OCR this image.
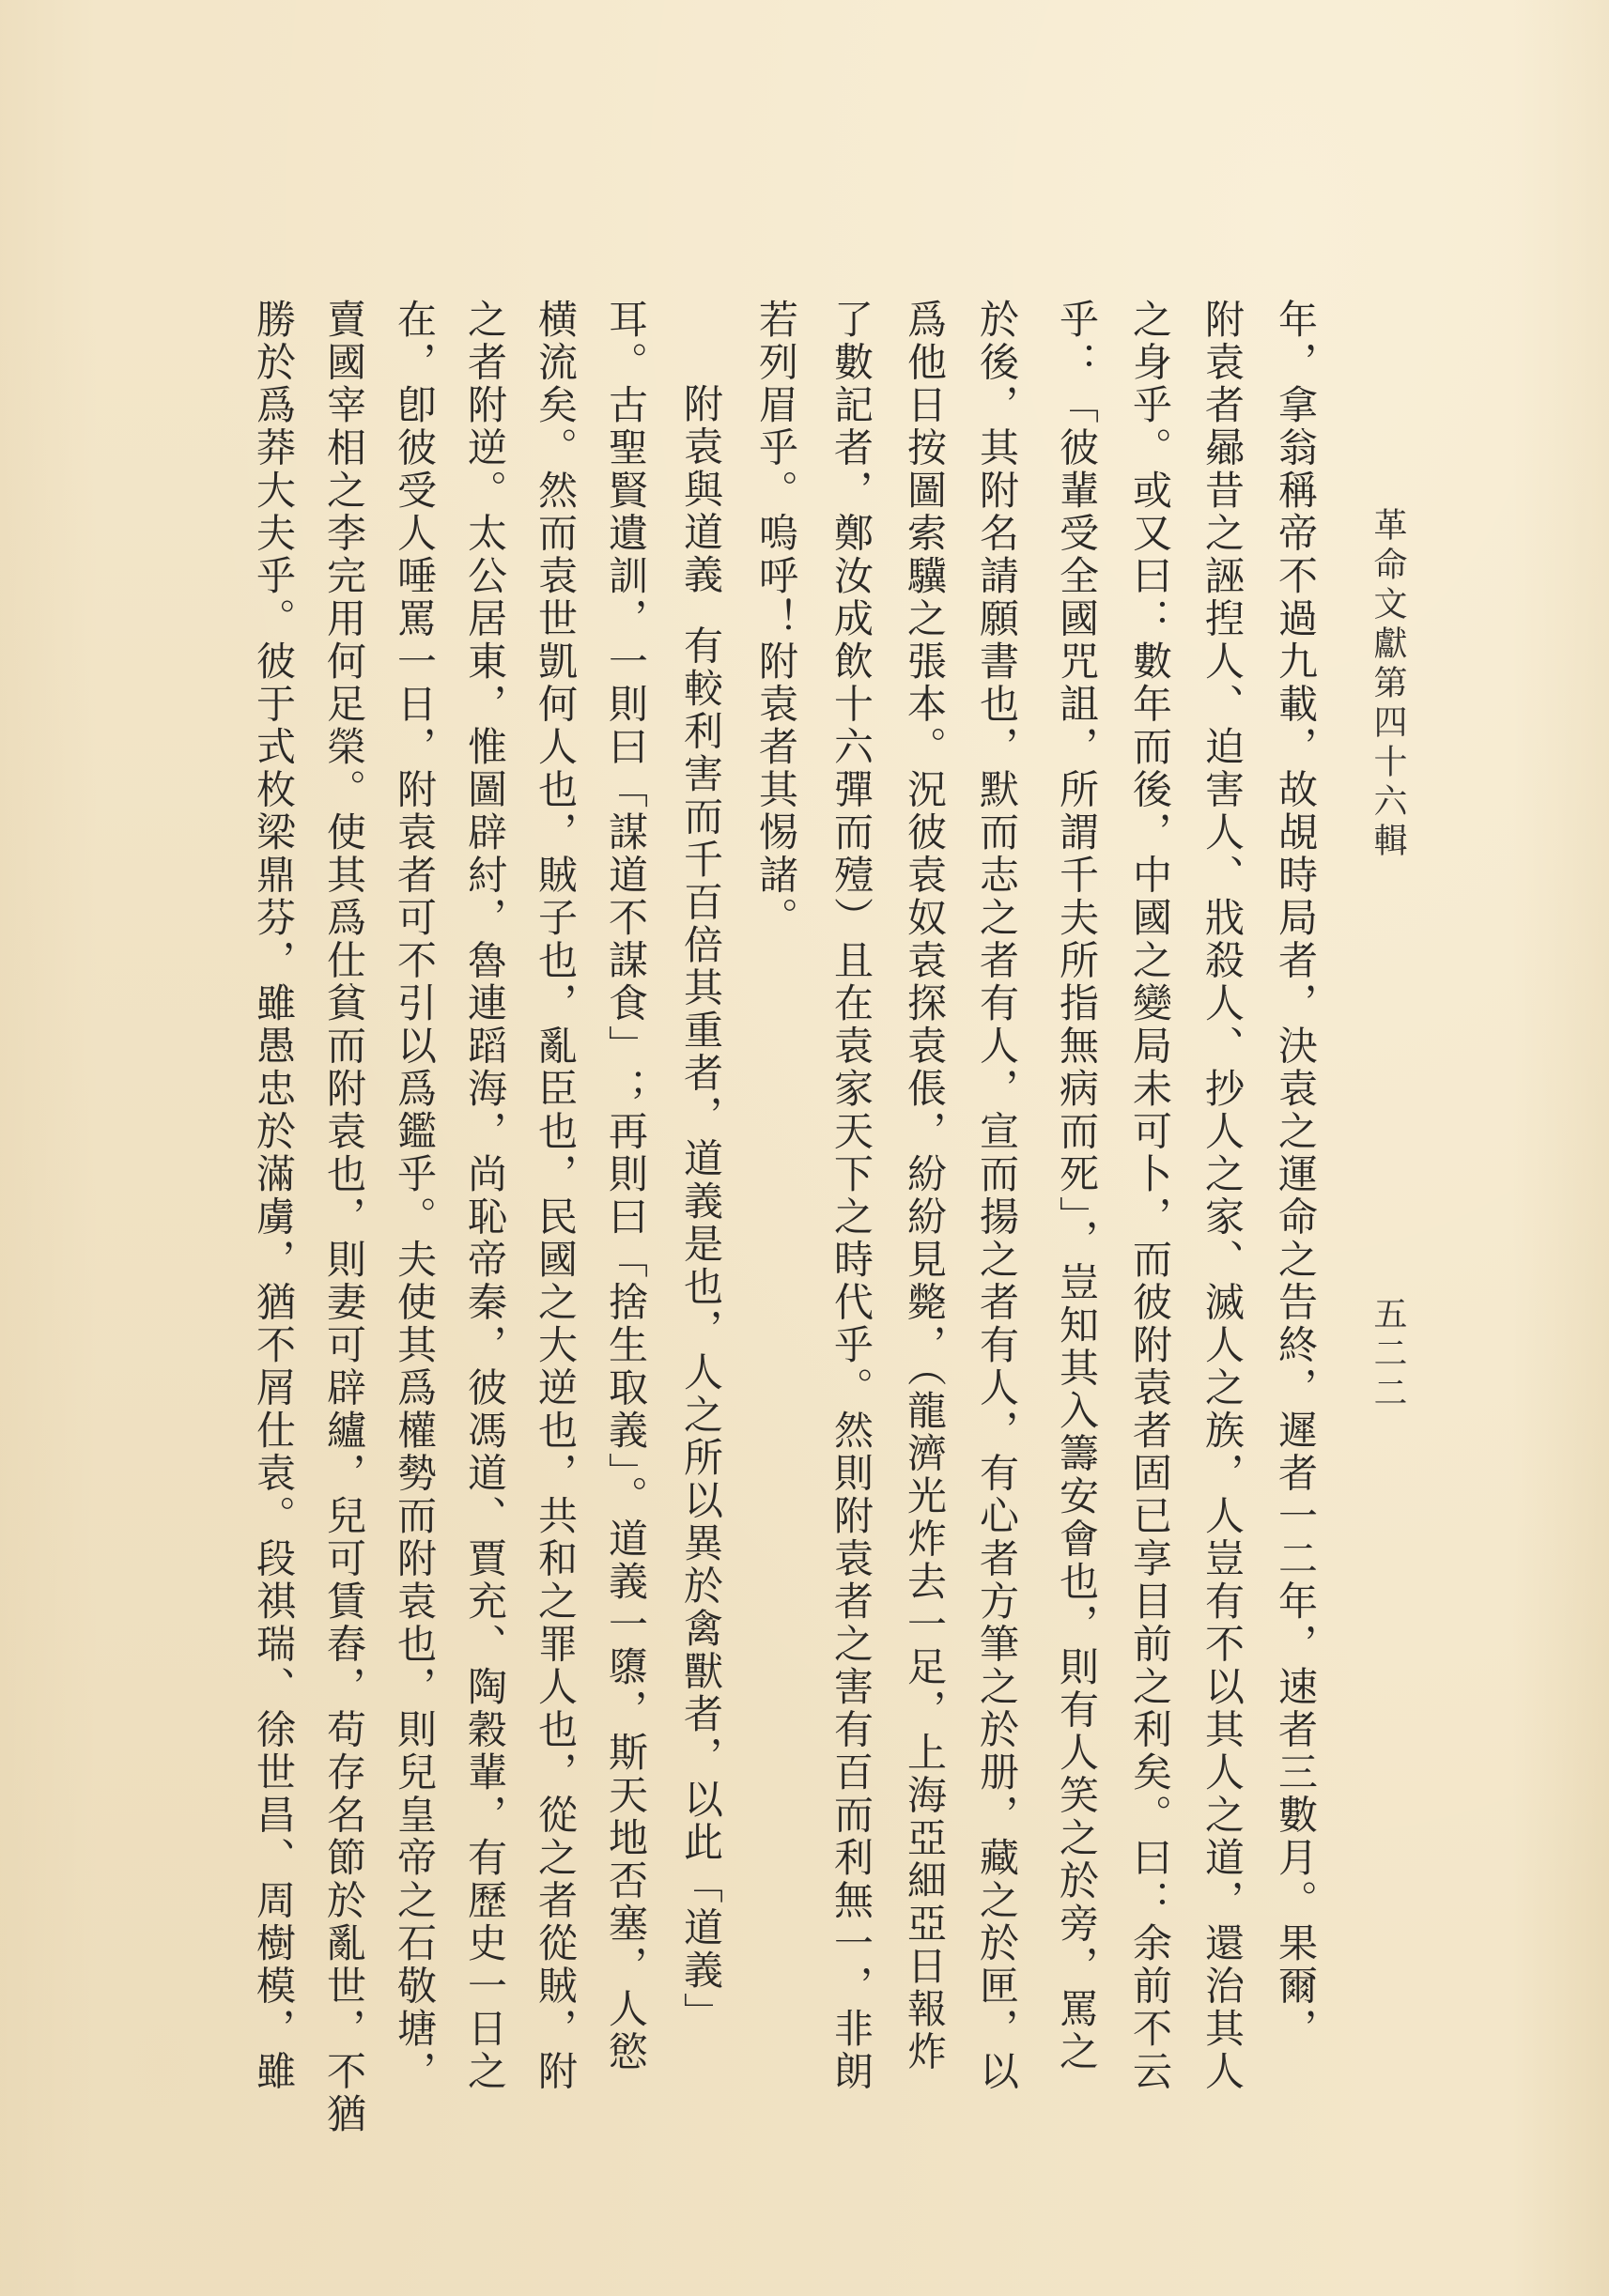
革命文獻第四十六輯
五二二
年，拿翁稱帝不過九載，故覘時局者，決袁之運命之告終，遲者一二年，速者三數月。果爾，
附袁者曏昔之誣揑人、迫害人、戕殺人、抄人之家、滅人之族，人豈有不以其人之道，還治其人
之身乎。或又曰：數年而後，中國之變局未可卜，而彼附袁者固已享目前之利矣。曰：余前不云
乎：「彼輩受全國咒詛，所謂千夫所指無病而死」，豈知其入籌安會也，則有人笑之於旁，罵之
於後，其附名請願書也，默而志之者有人，宣而揚之者有人，有心者方筆之於册，藏之於匣，以
爲他日按圖索驥之張本。況彼袁奴袁探袁倀，紛紛見斃，（龍濟光炸去一足，上海亞細亞日報炸
了數記者，鄭汝成飲十六彈而殪）且在袁家天下之時代乎。然則附袁者之害有百而利無一，非朗
若列眉乎。嗚呼！附袁者其惕諸。
附袁與道義有較利害而千百倍其重者，道義是也，人之所以異於禽獸者，以此「道義」
耳。古聖賢遺訓，一則曰「謀道不謀食」；再則曰「捨生取義」。道義一隳，斯天地否塞，人慾
横流矣。然而袁世凱何人也，賊子也，亂臣也，民國之大逆也，共和之罪人也，從之者從賊，附
之者附逆。太公居東，惟圖辟紂，魯連蹈海，尚恥帝秦，彼馮道、賈充、陶穀輩，有歷史一日之
在，卽彼受人唾罵一日，附袁者可不引以爲鑑乎。夫使其爲權勢而附袁也，則兒皇帝之石敬塘，
賣國宰相之李完用何足榮。使其爲仕貧而附袁也，則妻可辟纑，兒可賃舂，苟存名節於亂世，不猶
勝於爲莽大夫乎。彼于式枚梁鼎芬，雖愚忠於滿虜，猶不屑仕袁。段祺瑞、徐世昌、周樹模，雖
